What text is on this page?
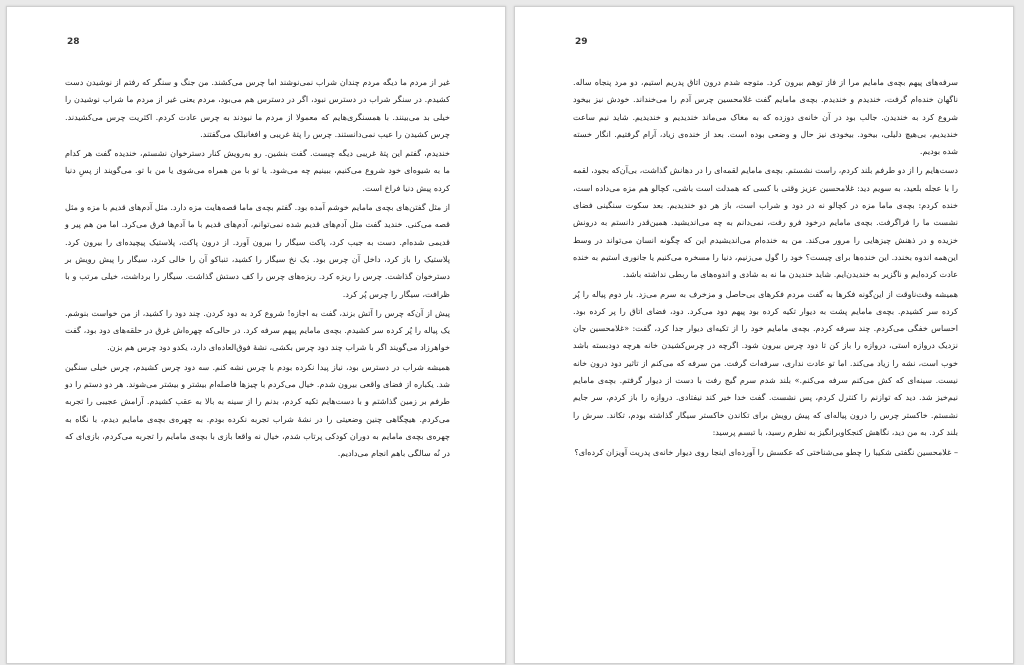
28

غیر از مردم ما دیگه مردم چندان شراب نمی‌نوشند اما چرس می‌کشند. من جنگ و سنگر که رفتم از نوشیدن دست کشیدم. در سنگر شراب در دسترس نبود، اگر در دسترس هم می‌بود، مردم یعنی غیر از مردم ما شراب نوشیدن را خیلی بد می‌بینند. با همسنگری‌هایم که معمولا از مردم ما نبودند به چرس عادت کردم. اکثریت چرس می‌کشیدند. چرس کشیدن را عیب نمی‌دانستند. چرس را پتهٔ غریبی و افغانبلک می‌گفتند.

خندیدم، گفتم این پتهٔ غریبی دیگه چیست. گفت بنشین. رو به‌رویش کنار دسترخوان نشستم، خندیده گفت هر کدام ما به شیوه‌ای خود شروع می‌کنیم، ببینیم چه می‌شود. یا تو با من همراه می‌شوی یا من با تو. می‌گویند از پسِ دنیا کرده پیش دنیا فراخ است.

از مثل گفتن‌های بچه‌ی مامایم خوشم آمده بود. گفتم بچه‌ی ماما قصه‌هایت مزه دارد. مثل آدم‌های قدیم با مزه و مثل قصه می‌کنی. خندید گفت مثل آدم‌های قدیم شده نمی‌توانم، آدم‌های قدیم با ما آدم‌ها فرق می‌کرد. اما من هم پیر و قدیمی شده‌ام. دست به جیب کرد، پاکت سیگار را بیرون آورد. از درون پاکت، پلاستیک پیچیده‌ای را بیرون کرد. پلاستیک را باز کرد، داخل آن چرس بود. یک نخ سیگار را کشید، تنباکو آن را خالی کرد، سیگار را پیش رویش بر دسترخوان گذاشت. چرس را ریزه کرد. ریزه‌های چرس را کف دستش گذاشت. سیگار را برداشت، خیلی مرتب و با ظرافت، سیگار را چرس پُر کرد.

پیش از آن‌که چرس را آتش بزند، گفت به اجازه! شروع کرد به دود کردن. چند دود را کشید، از من خواست بنوشم. یک پیاله را پُر کرده سر کشیدم. بچه‌ی مامایم پیهم سرفه کرد. در حالی‌که چهره‌اش غرق در حلقه‌های دود بود، گفت خواهرزاد می‌گویند اگر با شراب چند دود چرس بکشی، نشهٔ فوق‌العاده‌ای دارد، یکدو دود چرس هم بزن.

همیشه شراب در دسترس بود، نیاز پیدا نکرده بودم با چرس نشه کنم. سه دود چرس کشیدم، چرس خیلی سنگین شد. یکباره از فضای واقعی بیرون شدم. خیال می‌کردم با چیزها فاصله‌ام بیشتر و بیشتر می‌شوند. هر دو دستم را دو طرفم بر زمین گذاشتم و با دست‌هایم تکیه کردم، بدنم را از سینه به بالا به عقب کشیدم. آرامش عجیبی را تجربه می‌کردم. هیچگاهی چنین وضعیتی را در نشهٔ شراب تجربه نکرده بودم. به چهره‌ی بچه‌ی مامایم دیدم، با نگاه به چهره‌ی بچه‌ی مامایم به دوران کودکی پرتاب شدم، خیال نه واقعا بازی با بچه‌ی مامایم را تجربه می‌کردم، بازی‌ای که در نُه سالگی باهم انجام می‌دادیم.

29

سرفه‌های پیهم بچه‌ی مامایم مرا از فاز توهم بیرون کرد. متوجه شدم درون اتاق پدریم استیم، دو مرد پنجاه ساله. ناگهان خنده‌ام گرفت، خندیدم و خندیدم. بچه‌ی مامایم گفت غلامحسین چرس آدم را می‌خنداند. خودش نیز بیخود شروع کرد به خندیدن. جالب بود در آن خانه‌ی دوزده که به مغاک می‌ماند خندیدیم و خندیدیم. شاید نیم ساعت خندیدیم، بی‌هیچ دلیلی، بیخود. بیخودی نیز حال و وضعی بوده است. بعد از خنده‌ی زیاد، آرام گرفتیم. انگار خسته شده بودیم.

دست‌هایم را از دو طرفم بلند کردم، راست نشستم. بچه‌ی مامایم لقمه‌ای را در دهانش گذاشت، بی‌آن‌که بجود، لقمه را با عجله بلعید، به سویم دید: غلامحسین عزیز وقتی با کسی که همدلت است باشی، کچالو هم مزه می‌داده است، خنده کردم: بچه‌ی ماما مزه در کچالو نه در دود و شراب است، باز هر دو خندیدیم. بعد سکوت سنگینی فضای نشست ما را فراگرفت. بچه‌ی مامایم درخود فرو رفت، نمی‌دانم به چه می‌اندیشید. همین‌قدر دانستم به درونش خزیده و در ذهنش چیزهایی را مرور می‌کند. من به خنده‌ام می‌اندیشیدم این که چگونه انسان می‌تواند در وسط این‌همه اندوه بخندد. این خنده‌ها برای چیست؟ خود را گول می‌زنیم، دنیا را مسخره می‌کنیم یا جانوری استیم به خنده عادت کرده‌ایم و ناگزیر به خندیدن‌ایم. شاید خندیدن ما نه به شادی و اندوه‌های ما ربطی نداشته باشد.

همیشه وقت‌ناوقت از این‌گونه فکرها به گفت مردم فکرهای بی‌حاصل و مزخرف به سرم می‌زد. بار دوم پیاله را پُر کرده سر کشیدم. بچه‌ی مامایم پشت به دیوار تکیه کرده بود پیهم دود می‌کرد. دود، فضای اتاق را پر کرده بود. احساس خفگی می‌کردم. چند سرفه کردم. بچه‌ی مامایم خود را از تکیه‌ای دیوار جدا کرد، گفت: «غلامحسین جان نزدیک دروازه استی، دروازه را باز کن تا دود چرس بیرون شود. اگرچه در چرس‌کشیدن خانه هرچه دودبسته باشد خوب است، نشه را زیاد می‌کند. اما تو عادت نداری، سرفه‌ات گرفت. من سرفه که می‌کنم از تاثیر دود درون خانه نیست. سینه‌ای که کش می‌کنم سرفه می‌کنم.» بلند شدم سرم گیج رفت با دست از دیوار گرفتم. بچه‌ی مامایم نیم‌خیز شد. دید که توازنم را کنترل کردم، پس نشست. گفت خدا خیر کند نیفتادی. دروازه را باز کردم، سر جایم نشستم. خاکستر چرس را درون پیاله‌ای که پیش رویش برای تکاندن خاکستر سیگار گذاشته بودم، تکاند. سرش را بلند کرد. به من دید، نگاهش کنجکاوبرانگیز به نظرم رسید، با تبسم پرسید:

– غلامحسین نگفتی شکیبا را چطو می‌شناختی که عکسش را آورده‌ای اینجا روی دیوار خانه‌ی پدریت آویزان کرده‌ای؟
